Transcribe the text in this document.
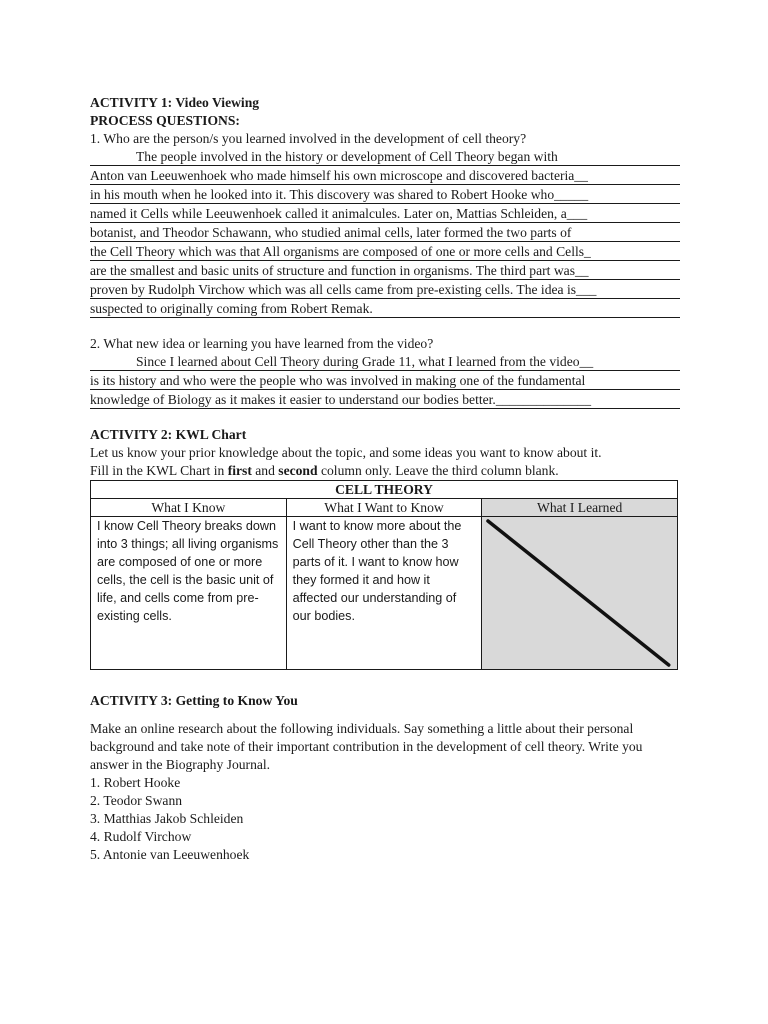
ACTIVITY 1: Video Viewing
PROCESS QUESTIONS:
1. Who are the person/s you learned involved in the development of cell theory?
The people involved in the history or development of Cell Theory began with
Anton van Leeuwenhoek who made himself his own microscope and discovered bacteria__
in his mouth when he looked into it. This discovery was shared to Robert Hooke who_____
named it Cells while Leeuwenhoek called it animalcules. Later on, Mattias Schleiden, a___
botanist, and Theodor Schawann, who studied animal cells, later formed the two parts of
the Cell Theory which was that All organisms are composed of one or more cells and Cells_
are the smallest and basic units of structure and function in organisms. The third part was__
proven by Rudolph Virchow which was all cells came from pre-existing cells. The idea is___
suspected to originally coming from Robert Remak.
2. What new idea or learning you have learned from the video?
Since I learned about Cell Theory during Grade 11, what I learned from the video__
is its history and who were the people who was involved in making one of the fundamental
knowledge of Biology as it makes it easier to understand our bodies better.______________
ACTIVITY 2: KWL Chart
Let us know your prior knowledge about the topic, and some ideas you want to know about it.
Fill in the KWL Chart in first and second column only. Leave the third column blank.
CELL THEORY		
What I Know	What I Want to Know	What I Learned

I know Cell Theory breaks down into 3 things; all living organisms are composed of one or more cells, the cell is the basic unit of life, and cells come from pre-existing cells.	I want to know more about the Cell Theory other than the 3 parts of it. I want to know how they formed it and how it affected our understanding of our bodies.

ACTIVITY 3: Getting to Know You
Make an online research about the following individuals. Say something a little about their personal background and take note of their important contribution in the development of cell theory. Write you answer in the Biography Journal.
1. Robert Hooke
2. Teodor Swann
3. Matthias Jakob Schleiden
4. Rudolf Virchow
5. Antonie van Leeuwenhoek
